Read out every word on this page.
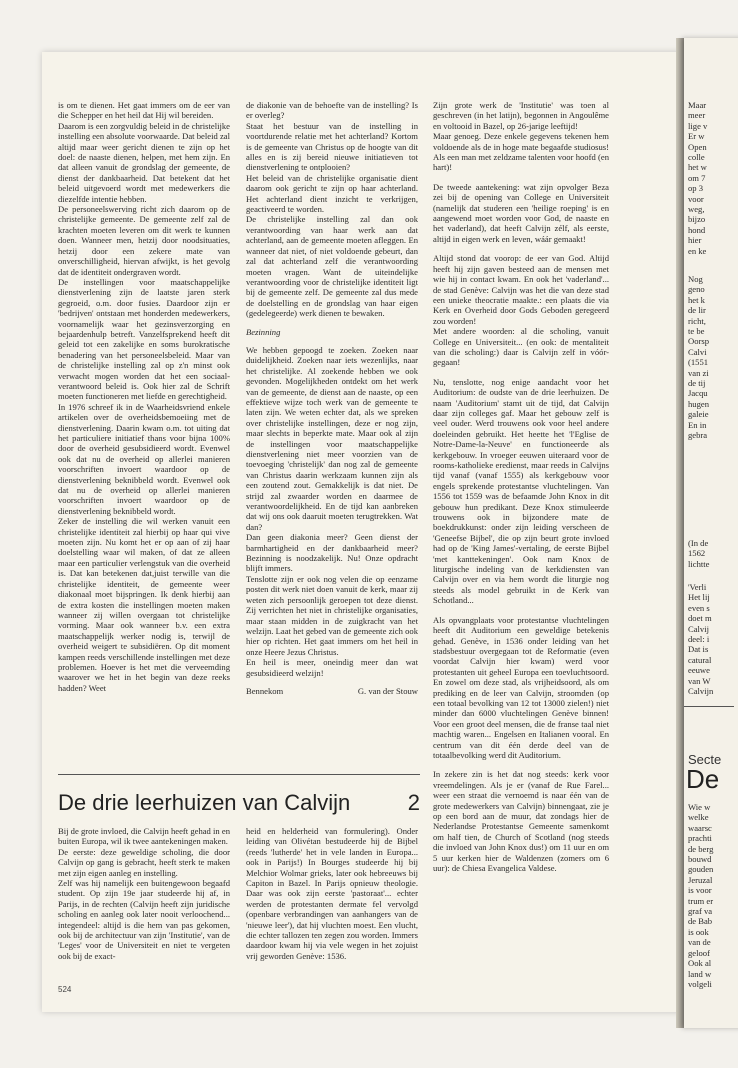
is om te dienen. Het gaat immers om de eer van die Schepper en het heil dat Hij wil bereiden.

Daarom is een zorgvuldig beleid in de christelijke instelling een absolute voorwaarde. Dat beleid zal altijd maar weer gericht dienen te zijn op het doel: de naaste dienen, helpen, met hem zijn. En dat alleen vanuit de grondslag der gemeente, de dienst der dankbaarheid. Dat betekent dat het beleid uitgevoerd wordt met medewerkers die diezelfde intentie hebben.

De personeelswerving richt zich daarom op de christelijke gemeente. De gemeente zelf zal de krachten moeten leveren om dit werk te kunnen doen. Wanneer men, hetzij door noodsituaties, hetzij door een zekere mate van onverschilligheid, hiervan afwijkt, is het gevolg dat de identiteit ondergraven wordt.

De instellingen voor maatschappelijke dienstverlening zijn de laatste jaren sterk gegroeid, o.m. door fusies. Daardoor zijn er 'bedrijven' ontstaan met honderden medewerkers, voornamelijk waar het gezinsverzorging en bejaardenhulp betreft. Vanzelfsprekend heeft dit geleid tot een zakelijke en soms burokratische benadering van het personeelsbeleid. Maar van de christelijke instelling zal op z'n minst ook verwacht mogen worden dat het een sociaal-verantwoord beleid is. Ook hier zal de Schrift moeten functioneren met liefde en gerechtigheid.

In 1976 schreef ik in de Waarheidsvriend enkele artikelen over de overheidsbemoeiing met de dienstverlening. Daarin kwam o.m. tot uiting dat het particuliere initiatief thans voor bijna 100% door de overheid gesubsidieerd wordt. Evenwel ook dat nu de overheid op allerlei manieren voorschriften invoert waardoor op de dienstverlening beknibbeld wordt. Evenwel ook dat nu de overheid op allerlei manieren voorschriften invoert waardoor op de dienstverlening beknibbeld wordt.

Zeker de instelling die wil werken vanuit een christelijke identiteit zal hierbij op haar qui vive moeten zijn. Nu komt het er op aan of zij haar doelstelling waar wil maken, of dat ze alleen maar een particulier verlengstuk van die overheid is. Dat kan betekenen dat,juist terwille van die christelijke identiteit, de gemeente weer diakonaal moet bijspringen. Ik denk hierbij aan de extra kosten die instellingen moeten maken wanneer zij willen overgaan tot christelijke vorming. Maar ook wanneer b.v. een extra maatschappelijk werker nodig is, terwijl de overheid weigert te subsidiëren. Op dit moment kampen reeds verschillende instellingen met deze problemen. Hoever is het met die verveemding waarover we het in het begin van deze reeks hadden? Weet

de diakonie van de behoefte van de instelling? Is er overleg?

Staat het bestuur van de instelling in voortdurende relatie met het achterland? Kortom is de gemeente van Christus op de hoogte van dit alles en is zij bereid nieuwe initiatieven tot dienstverlening te ontplooien?

Het beleid van de christelijke organisatie dient daarom ook gericht te zijn op haar achterland. Het achterland dient inzicht te verkrijgen, geactiveerd te worden.

De christelijke instelling zal dan ook verantwoording van haar werk aan dat achterland, aan de gemeente moeten afleggen. En wanneer dat niet, of niet voldoende gebeurt, dan zal dat achterland zelf die verantwoording moeten vragen. Want de uiteindelijke verantwoording voor de christelijke identiteit ligt bij de gemeente zelf. De gemeente zal dus mede de doelstelling en de grondslag van haar eigen (gedelegeerde) werk dienen te bewaken.

Bezinning

We hebben gepoogd te zoeken. Zoeken naar duidelijkheid. Zoeken naar iets wezenlijks, naar het christelijke. Al zoekende hebben we ook gevonden. Mogelijkheden ontdekt om het werk van de gemeente, de dienst aan de naaste, op een effektieve wijze toch werk van de gemeente te laten zijn. We weten echter dat, als we spreken over christelijke instellingen, deze er nog zijn, maar slechts in beperkte mate. Maar ook al zijn de instellingen voor maatschappelijke dienstverlening niet meer voorzien van de toevoeging 'christelijk' dan nog zal de gemeente van Christus daarin werkzaam kunnen zijn als een zoutend zout. Gemakkelijk is dat niet. De strijd zal zwaarder worden en daarmee de verantwoordelijkheid. En de tijd kan aanbreken dat wij ons ook daaruit moeten terugtrekken. Wat dan?

Dan geen diakonia meer? Geen dienst der barmhartigheid en der dankbaarheid meer? Bezinning is noodzakelijk. Nu! Onze opdracht blijft immers.

Tenslotte zijn er ook nog velen die op eenzame posten dit werk niet doen vanuit de kerk, maar zij weten zich persoonlijk geroepen tot deze dienst. Zij verrichten het niet in christelijke organisaties, maar staan midden in de zuigkracht van het welzijn. Laat het gebed van de gemeente zich ook hier op richten. Het gaat immers om het heil in onze Heere Jezus Christus.

En heil is meer, oneindig meer dan wat gesubsidieerd welzijn!

Bennekom	G. van der Stouw

Zijn grote werk de 'Institutie' was toen al geschreven (in het latijn), begonnen in Angoulême en voltooid in Bazel, op 26-jarige leeftijd!

Maar genoeg. Deze enkele gegevens tekenen hem voldoende als de in hoge mate begaafde studiosus! Als een man met zeldzame talenten voor hoofd (en hart)!

De tweede aantekening: wat zijn opvolger Beza zei bij de opening van College en Universiteit (namelijk dat studeren een 'heilige roeping' is en aangewend moet worden voor God, de naaste en het vaderland), dat heeft Calvijn zélf, als eerste, altijd in eigen werk en leven, wáár gemaakt!

Altijd stond dat voorop: de eer van God. Altijd heeft hij zijn gaven besteed aan de mensen met wie hij in contact kwam. En ook het 'vaderland'... de stad Genève: Calvijn was het die van deze stad een unieke theocratie maakte.: een plaats die via Kerk en Overheid door Gods Geboden geregeerd zou worden!

Met andere woorden: al die scholing, vanuit College en Universiteit... (en ook: de mentaliteit van die scholing:) daar is Calvijn zelf in vóór-gegaan!

Nu, tenslotte, nog enige aandacht voor het Auditorium: de oudste van de drie leerhuizen. De naam 'Auditorium' stamt uit de tijd, dat Calvijn daar zijn colleges gaf. Maar het gebouw zelf is veel ouder. Werd trouwens ook voor heel andere doeleinden gebruikt. Het heette het 'l'Eglise de Notre-Dame-la-Neuve' en functioneerde als kerkgebouw. In vroeger eeuwen uiteraard voor de rooms-katholieke eredienst, maar reeds in Calvijns tijd vanaf (vanaf 1555) als kerkgebouw voor engels sprekende protestantse vluchtelingen. Van 1556 tot 1559 was de befaamde John Knox in dit gebouw hun predikant. Deze Knox stimuleerde trouwens ook in bijzondere mate de boekdrukkunst: onder zijn leiding verscheen de 'Geneefse Bijbel', die op zijn beurt grote invloed had op de 'King James'-vertaling, de eerste Bijbel 'met kanttekeningen'. Ook nam Knox de liturgische indeling van de kerkdiensten van Calvijn over en via hem wordt die liturgie nog steeds als model gebruikt in de Kerk van Schotland...

Als opvangplaats voor protestantse vluchtelingen heeft dit Auditorium een geweldige betekenis gehad. Genève, in 1536 onder leiding van het stadsbestuur overgegaan tot de Reformatie (even voordat Calvijn hier kwam) werd voor protestanten uit geheel Europa een toevluchtsoord. En zowel om deze stad, als vrijheidsoord, als om prediking en de leer van Calvijn, stroomden (op een totaal bevolking van 12 tot 13000 zielen!) niet minder dan 6000 vluchtelingen Genève binnen! Voor een groot deel mensen, die de franse taal niet machtig waren... Engelsen en Italianen vooral. En centrum van dit één derde deel van de totaalbevolking werd dit Auditorium.

In zekere zin is het dat nog steeds: kerk voor vreemdelingen. Als je er (vanaf de Rue Farel... weer een straat die vernoemd is naar één van de grote medewerkers van Calvijn) binnengaat, zie je op een bord aan de muur, dat zondags hier de Nederlandse Protestantse Gemeente samenkomt om half tien, de Church of Scotland (nog steeds die invloed van John Knox dus!) om 11 uur en om 5 uur kerken hier de Waldenzen (zomers om 6 uur): de Chiesa Evangelica Valdese.

De drie leerhuizen van Calvijn	2

Bij de grote invloed, die Calvijn heeft gehad in en buiten Europa, wil ik twee aantekeningen maken.

De eerste: deze geweldige scholing, die door Calvijn op gang is gebracht, heeft sterk te maken met zijn eigen aanleg en instelling.

Zelf was hij namelijk een buitengewoon begaafd student. Op zijn 19e jaar studeerde hij af, in Parijs, in de rechten (Calvijn heeft zijn juridische scholing en aanleg ook later nooit verloochend... integendeel: altijd is die hem van pas gekomen, ook bij de architectuur van zijn 'Institutie', van de 'Leges' voor de Universiteit en niet te vergeten ook bij de exact-

heid en helderheid van formulering). Onder leiding van Olivétan bestudeerde hij de Bijbel (reeds 'lutherde' het in vele landen in Europa... ook in Parijs!) In Bourges studeerde hij bij Melchior Wolmar grieks, later ook hebreeuws bij Capiton in Bazel. In Parijs opnieuw theologie. Daar was ook zijn eerste 'pastoraat'... echter werden de protestanten dermate fel vervolgd (openbare verbrandingen van aanhangers van de 'nieuwe leer'), dat hij vluchten moest. Een vlucht, die echter tallozen ten zegen zou worden. Immers daardoor kwam hij via vele wegen in het zojuist vrij geworden Genève: 1536.

524
Maar
meer
lige v
Er w
Open
colle
het w
om 7
op 3
voor
weg,
bijzo
hond
hier
en ke
Nog
geno
het k
de lir
richt,
te be
Oorsp
Calvi
(1551
van zi
de tij
Jacqu
hugen
galeie
En in
gebra
(In de
1562
lichtte
'Verli
Het lij
even s
doet m
Calvij
deel: i
Dat is
catural
eeuwe
van W
Calvijn
Secte
De
Wie w
welke
waarsc
prachti
de berg
bouwd
gouden
Jeruzal
is voor
trum er
graf va
de Bab
is ook
van de
geloof
Ook al
land w
volgeli
